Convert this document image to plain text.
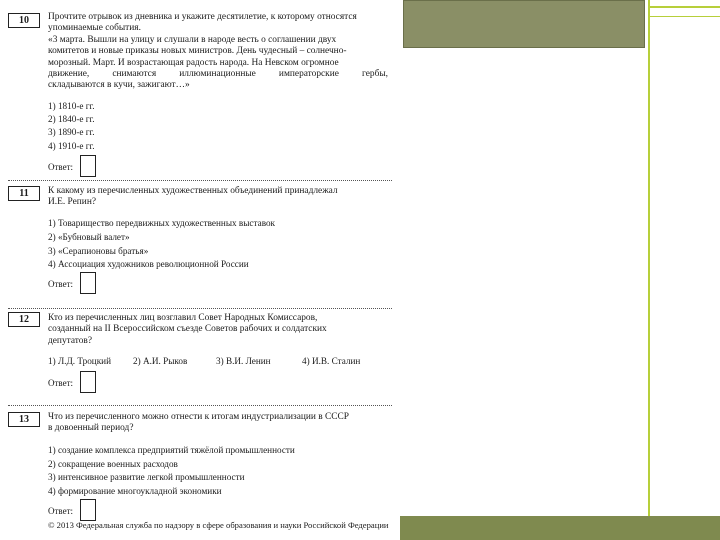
10	Прочтите отрывок из дневника и укажите десятилетие, к которому относятся

упоминаемые события.

«3 марта. Вышли на улицу и слушали в народе весть о соглашении двух

комитетов и новые приказы новых министров. День чудесный – солнечно-

морозный. Март. И возрастающая радость народа. На Невском огромное

движение, снимаются иллюминационные императорские гербы,

складываются в кучи, зажигают…»

1) 1810-е гг.
2) 1840-е гг.
3) 1890-е гг.
4) 1910-е гг.
Ответ:
11	К какому из перечисленных художественных объединений принадлежал

И.Е. Репин?

1) Товарищество передвижных художественных выставок
2) «Бубновый валет»
3) «Серапионовы братья»
4) Ассоциация художников революционной России
Ответ:
12	Кто из перечисленных лиц возглавил Совет Народных Комиссаров,

созданный на II Всероссийском съезде Советов рабочих и солдатских

депутатов?

1) Л.Д. Троцкий 2) А.И. Рыков	3) В.И. Ленин	4) И.В. Сталин
Ответ:
13	Что из перечисленного можно отнести к итогам индустриализации в СССР

в довоенный период?

1) создание комплекса предприятий тяжёлой промышленности
2) сокращение военных расходов
3) интенсивное развитие легкой промышленности
4) формирование многоукладной экономики
Ответ:
© 2013 Федеральная служба по надзору в сфере образования и науки Российской Федерации
